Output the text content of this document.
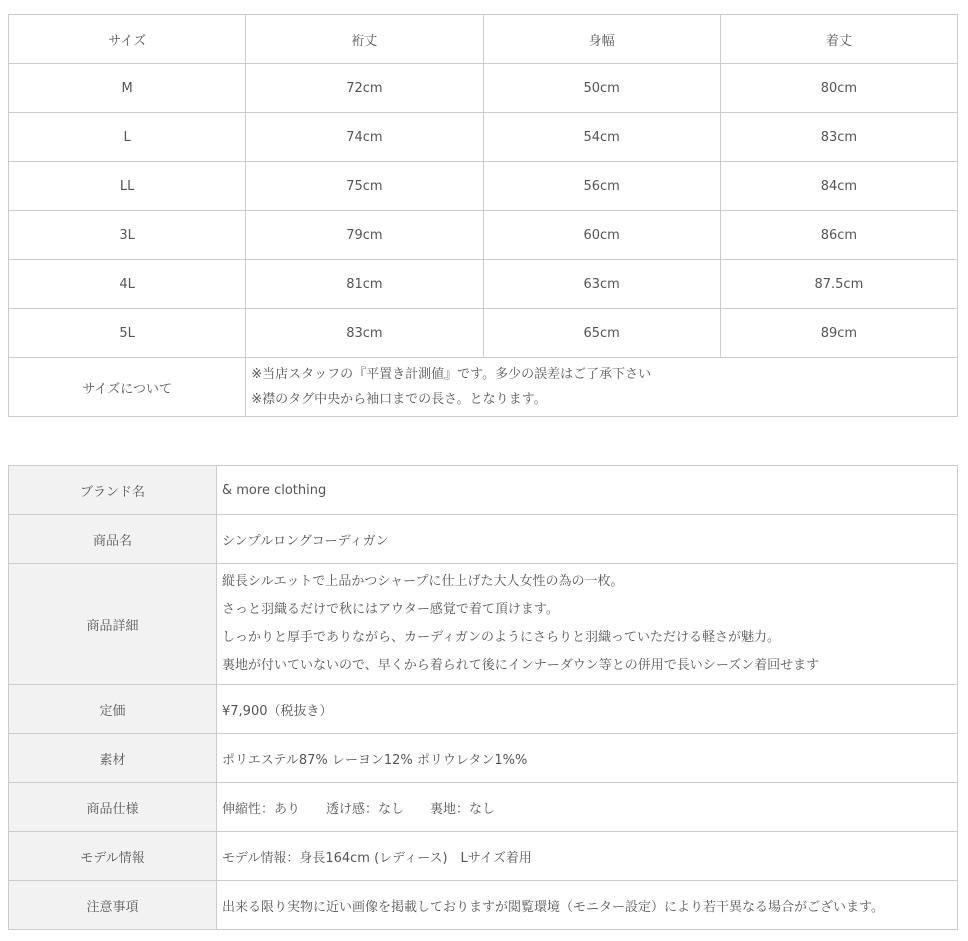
サイズ	裄丈	身幅	着丈
M	72cm	50cm	80cm
L	74cm	54cm	83cm
LL	75cm	56cm	84cm
3L	79cm	60cm	86cm
4L	81cm	63cm	87.5cm
5L	83cm	65cm	89cm
サイズについて	※当店スタッフの『平置き計測値』です。多少の誤差はご了承下さい
※襟のタグ中央から袖口までの長さ。となります。		
ブランド名	& more clothing
商品名	シンプルロングコーディガン
商品詳細	縦長シルエットで上品かつシャープに仕上げた大人女性の為の一枚。
さっと羽織るだけで秋にはアウター感覚で着て頂けます。
しっかりと厚手でありながら、カーディガンのようにさらりと羽織っていただける軽さが魅力。
裏地が付いていないので、早くから着られて後にインナーダウン等との併用で長いシーズン着回せます

定価	¥7,900（税抜き）
素材	ポリエステル87% レーヨン12% ポリウレタン1%%
商品仕様	伸縮性：あり　　透け感：なし　　裏地：なし
モデル情報	モデル情報：身長164cm (レディース)　Lサイズ着用
注意事項	出来る限り実物に近い画像を掲載しておりますが閲覧環境（モニター設定）により若干異なる場合がございます。
